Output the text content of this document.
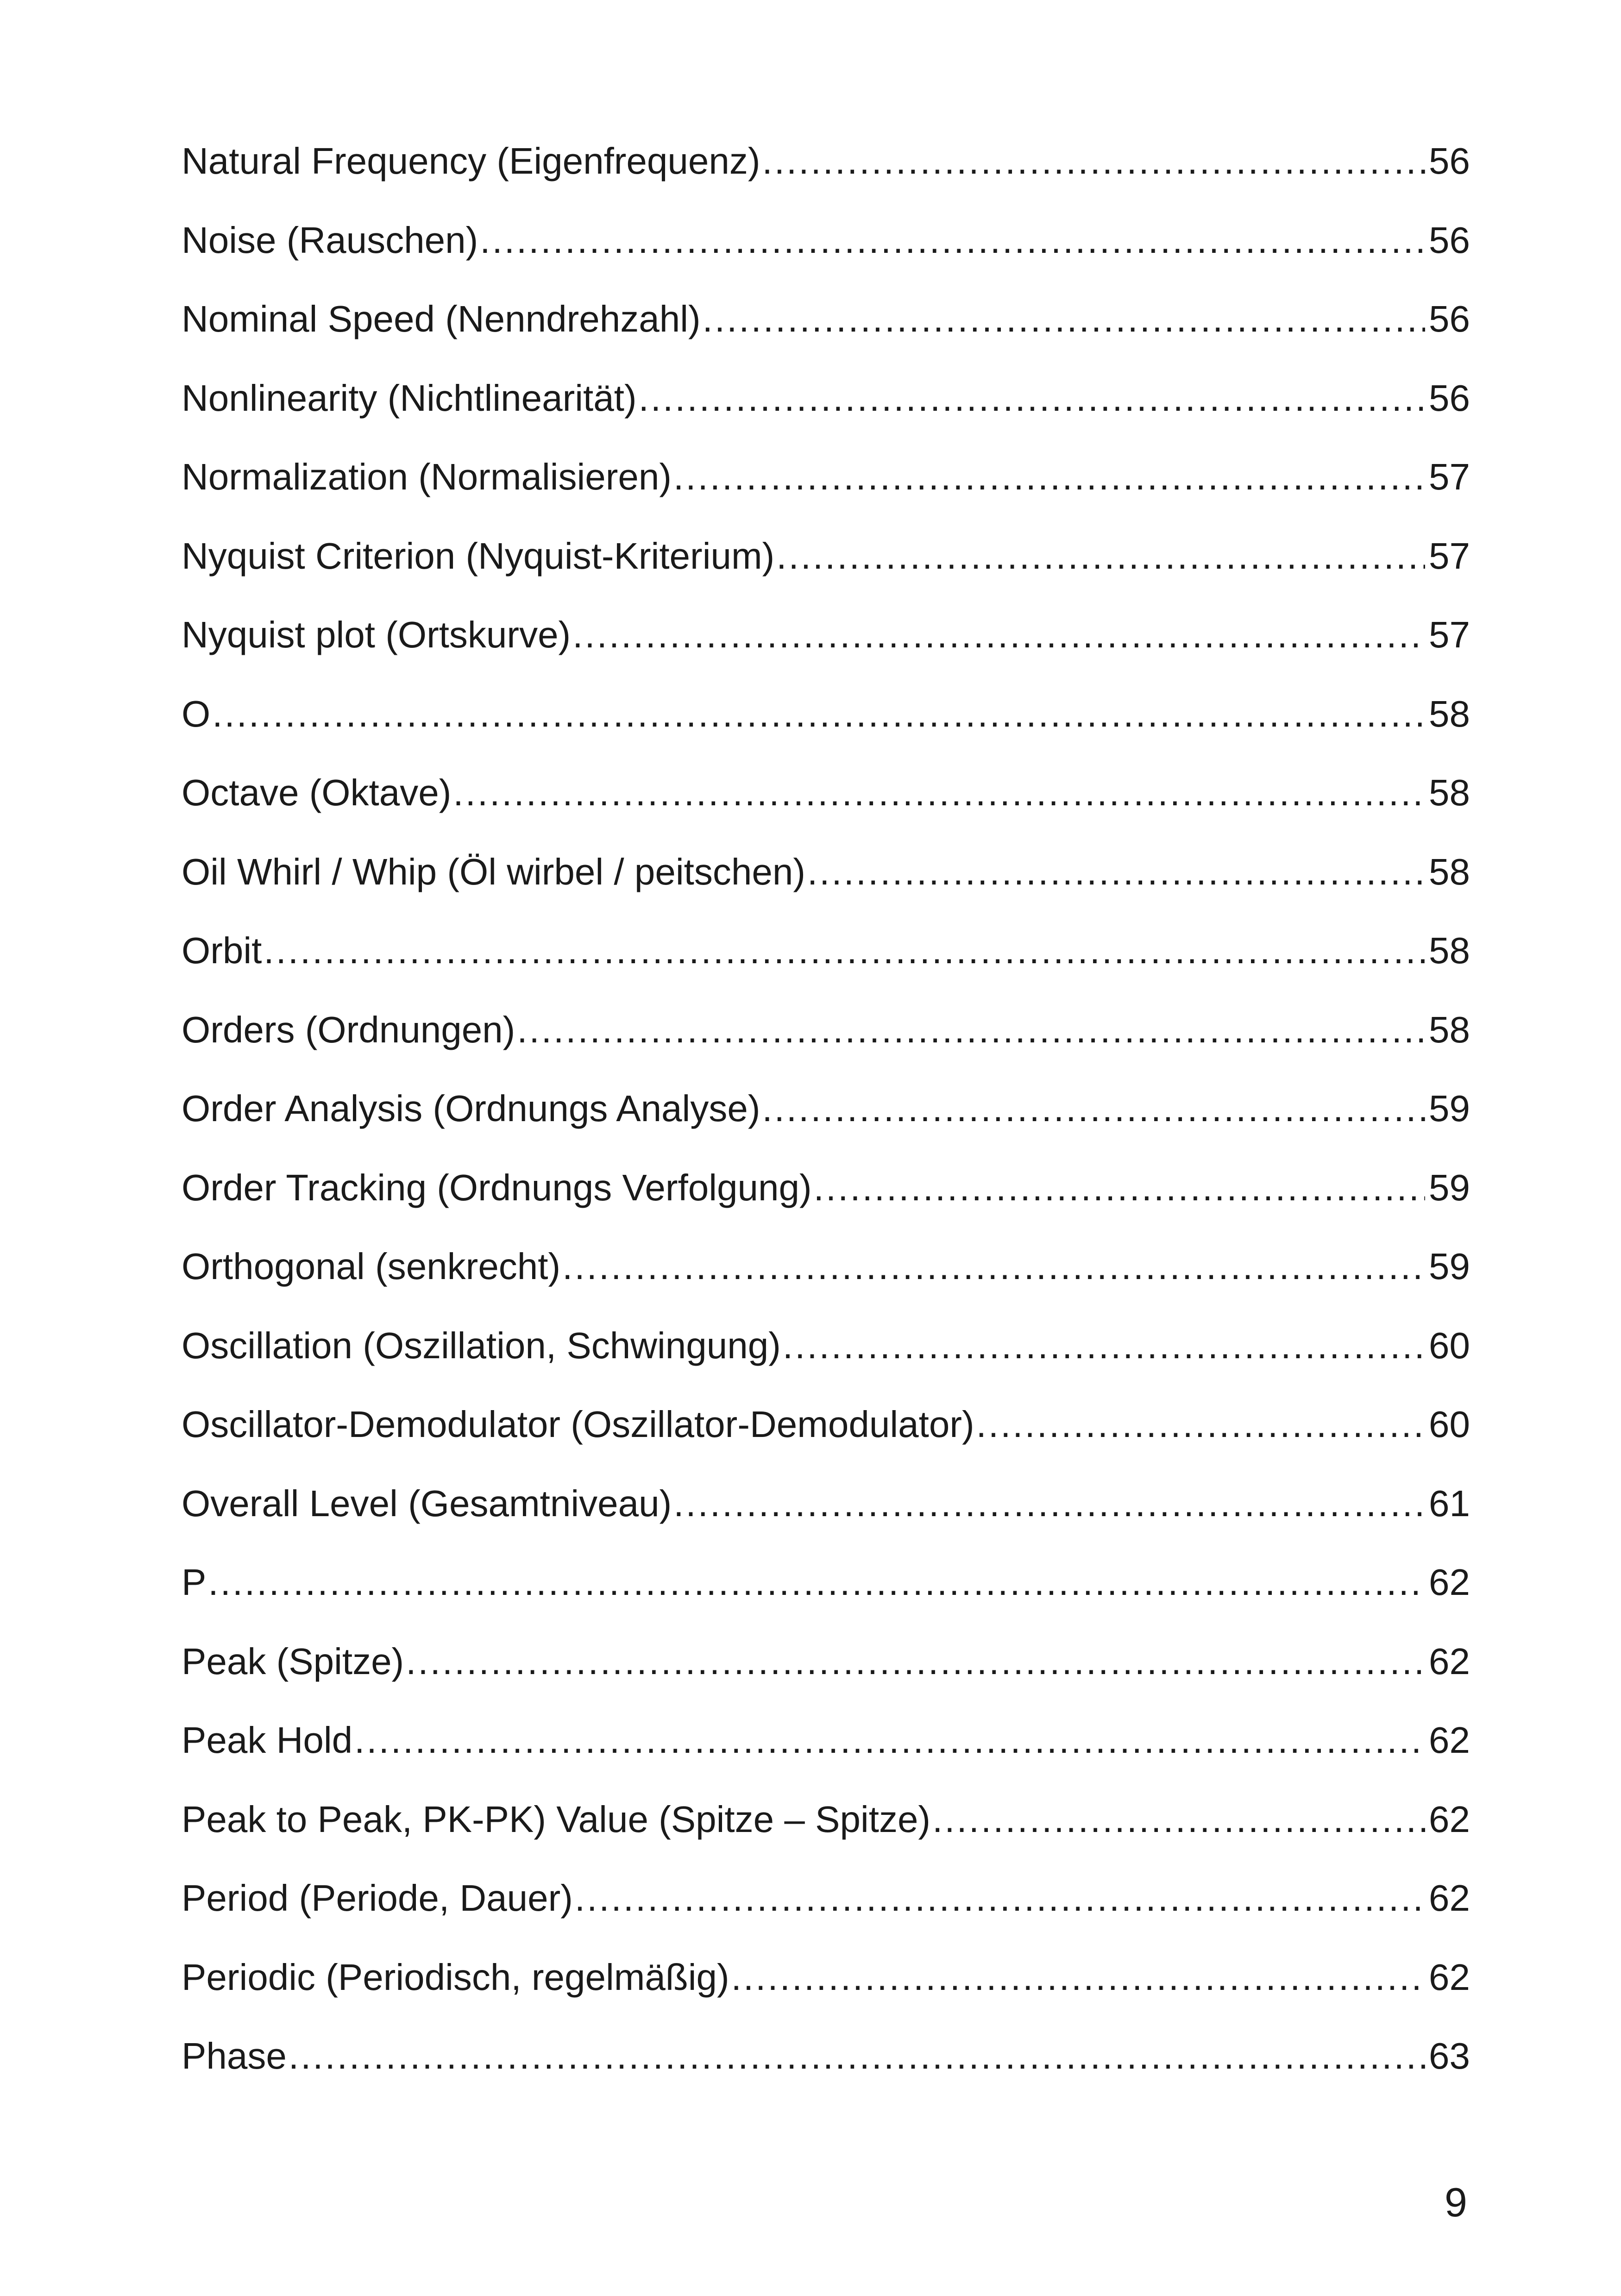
Natural Frequency (Eigenfrequenz) .....	56
Noise (Rauschen) .....	56
Nominal Speed (Nenndrehzahl) .....	56
Nonlinearity (Nichtlinearität) .....	56
Normalization (Normalisieren) .....	57
Nyquist Criterion (Nyquist-Kriterium) .....	57
Nyquist plot (Ortskurve) .....	57
O .....	58
Octave (Oktave) .....	58
Oil Whirl / Whip (Öl wirbel / peitschen) .....	58
Orbit .....	58
Orders (Ordnungen) .....	58
Order Analysis (Ordnungs Analyse) .....	59
Order Tracking (Ordnungs Verfolgung) .....	59
Orthogonal (senkrecht) .....	59
Oscillation (Oszillation, Schwingung) .....	60
Oscillator-Demodulator (Oszillator-Demodulator) .....	60
Overall Level (Gesamtniveau) .....	61
P .....	62
Peak (Spitze) .....	62
Peak Hold .....	62
Peak to Peak, PK-PK) Value (Spitze – Spitze) .....	62
Period (Periode, Dauer) .....	62
Periodic (Periodisch, regelmäßig) .....	62
Phase .....	63
9
